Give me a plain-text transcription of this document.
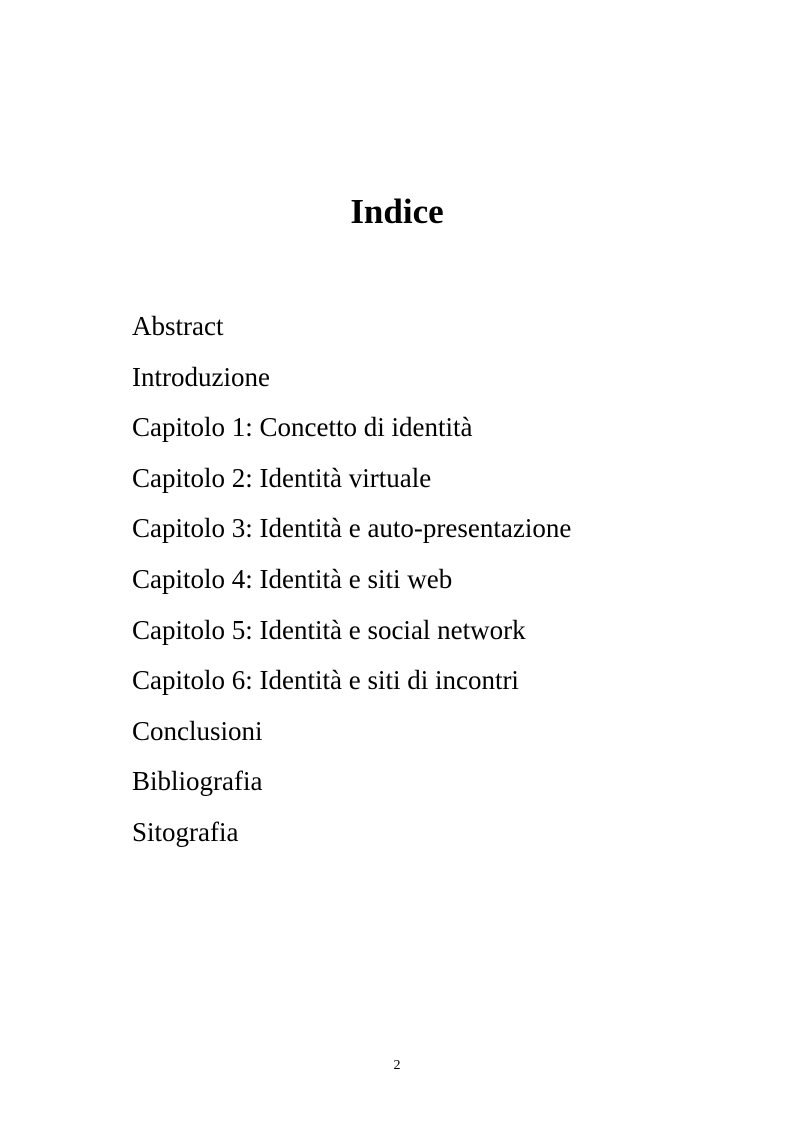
Indice
Abstract
Introduzione
Capitolo 1: Concetto di identità
Capitolo 2: Identità virtuale
Capitolo 3: Identità e auto-presentazione
Capitolo 4: Identità e siti web
Capitolo 5: Identità e social network
Capitolo 6: Identità e siti di incontri
Conclusioni
Bibliografia
Sitografia
2
